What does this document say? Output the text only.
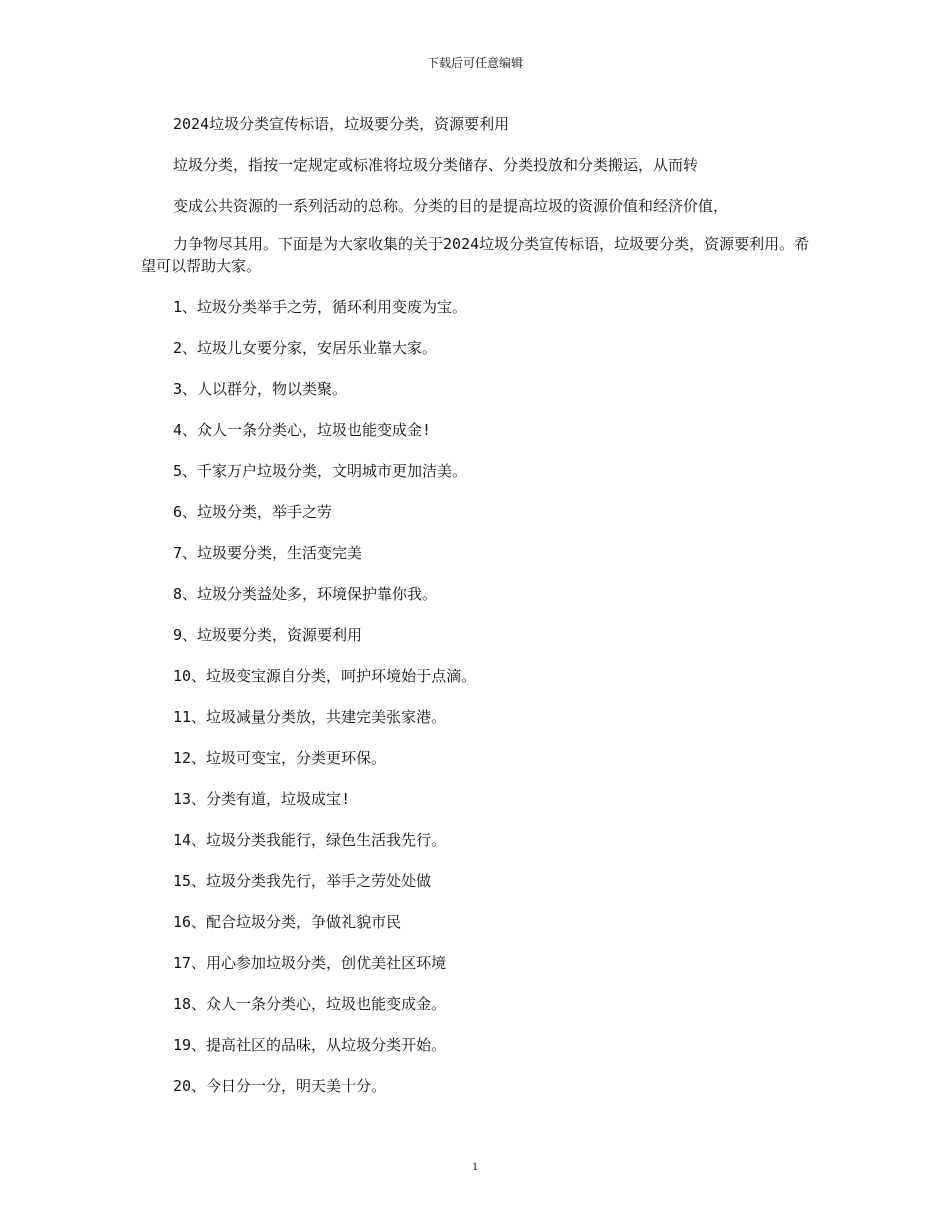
下载后可任意编辑

2024垃圾分类宣传标语，垃圾要分类，资源要利用

垃圾分类，指按一定规定或标准将垃圾分类储存、分类投放和分类搬运，从而转

变成公共资源的一系列活动的总称。分类的目的是提高垃圾的资源价值和经济价值，

力争物尽其用。下面是为大家收集的关于2024垃圾分类宣传标语，垃圾要分类，资源要利用。希望可以帮助大家。

1、垃圾分类举手之劳，循环利用变废为宝。
2、垃圾儿女要分家，安居乐业靠大家。
3、人以群分，物以类聚。
4、众人一条分类心，垃圾也能变成金!
5、千家万户垃圾分类，文明城市更加洁美。
6、垃圾分类，举手之劳
7、垃圾要分类，生活变完美
8、垃圾分类益处多，环境保护靠你我。
9、垃圾要分类，资源要利用
10、垃圾变宝源自分类，呵护环境始于点滴。
11、垃圾减量分类放，共建完美张家港。
12、垃圾可变宝，分类更环保。
13、分类有道，垃圾成宝!
14、垃圾分类我能行，绿色生活我先行。
15、垃圾分类我先行，举手之劳处处做
16、配合垃圾分类，争做礼貌市民
17、用心参加垃圾分类，创优美社区环境
18、众人一条分类心，垃圾也能变成金。
19、提高社区的品味，从垃圾分类开始。
20、今日分一分，明天美十分。
1
